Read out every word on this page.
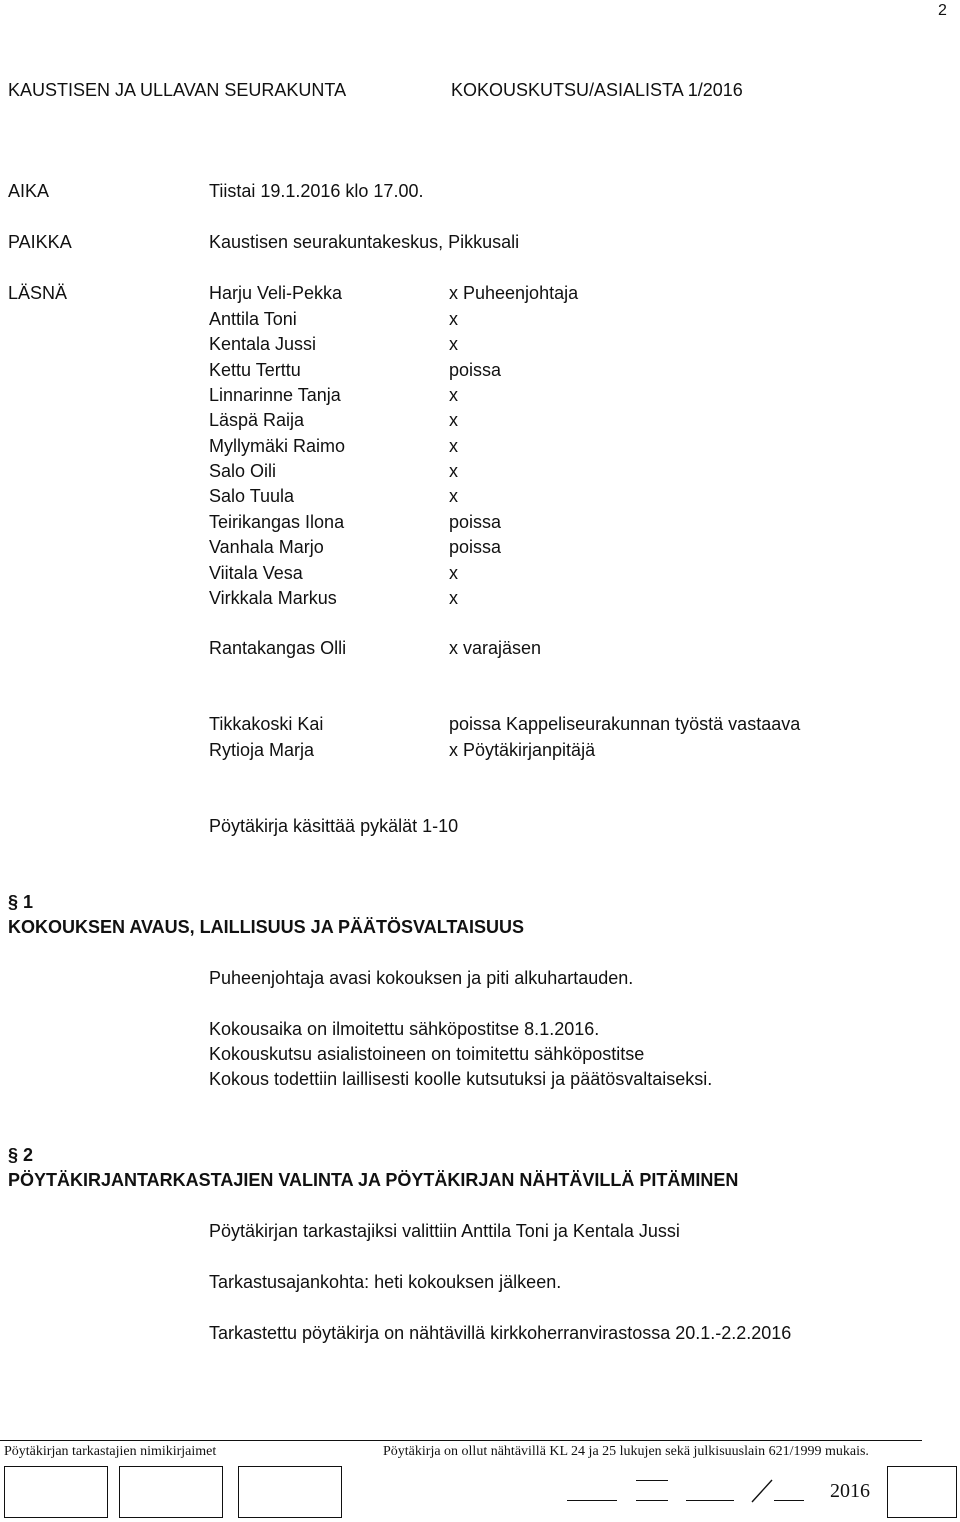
2
KAUSTISEN JA ULLAVAN SEURAKUNTA	KOKOUSKUTSU/ASIALISTA 1/2016
AIKA	Tiistai 19.1.2016 klo 17.00.
PAIKKA	Kaustisen seurakuntakeskus, Pikkusali
LÄSNÄ	Harju Veli-Pekka	x Puheenjohtaja
Anttila Toni	x
Kentala Jussi	x
Kettu Terttu	poissa
Linnarinne Tanja	x
Läspä Raija	x
Myllymäki Raimo	x
Salo Oili	x
Salo Tuula	x
Teirikangas Ilona	poissa
Vanhala Marjo	poissa
Viitala Vesa	x
Virkkala Markus	x
Rantakangas Olli	x varajäsen
Tikkakoski Kai	poissa Kappeliseurakunnan työstä vastaava
Rytioja Marja	x Pöytäkirjanpitäjä
Pöytäkirja käsittää pykälät 1-10
§ 1
KOKOUKSEN AVAUS, LAILLISUUS JA PÄÄTÖSVALTAISUUS
Puheenjohtaja avasi kokouksen ja piti alkuhartauden.
Kokousaika on ilmoitettu sähköpostitse 8.1.2016.
Kokouskutsu asialistoineen on toimitettu sähköpostitse
Kokous todettiin laillisesti koolle kutsutuksi ja päätösvaltaiseksi.
§ 2
PÖYTÄKIRJANTARKASTAJIEN VALINTA JA PÖYTÄKIRJAN NÄHTÄVILLÄ PITÄMINEN
Pöytäkirjan tarkastajiksi valittiin Anttila Toni ja Kentala Jussi
Tarkastusajankohta: heti kokouksen jälkeen.
Tarkastettu pöytäkirja on nähtävillä kirkkoherranvirastossa 20.1.-2.2.2016
Pöytäkirjan tarkastajien nimikirjaimet	Pöytäkirja on ollut nähtävillä KL 24 ja 25 lukujen sekä julkisuuslain 621/1999 mukais.
2016
